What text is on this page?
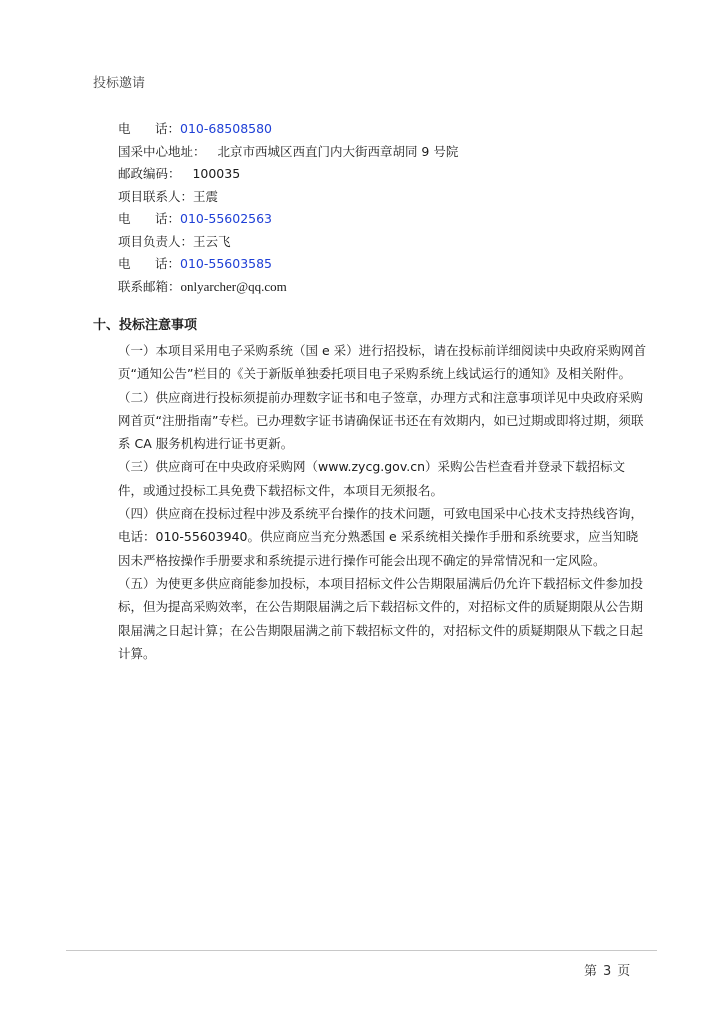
投标邀请
电 话：010-68508580
国采中心地址： 北京市西城区西直门内大街西章胡同 9 号院
邮政编码： 100035
项目联系人：王震
电 话：010-55602563
项目负责人：王云飞
电 话：010-55603585
联系邮箱：onlyarcher@qq.com
十、投标注意事项

（一）本项目采用电子采购系统（国 e 采）进行招投标，请在投标前详细阅读中央政府采购网首页“通知公告”栏目的《关于新版单独委托项目电子采购系统上线试运行的通知》及相关附件。

（二）供应商进行投标须提前办理数字证书和电子签章，办理方式和注意事项详见中央政府采购网首页“注册指南”专栏。已办理数字证书请确保证书还在有效期内，如已过期或即将过期，须联系 CA 服务机构进行证书更新。

（三）供应商可在中央政府采购网（www.zycg.gov.cn）采购公告栏查看并登录下载招标文件，或通过投标工具免费下载招标文件，本项目无须报名。

（四）供应商在投标过程中涉及系统平台操作的技术问题，可致电国采中心技术支持热线咨询，电话：010-55603940。供应商应当充分熟悉国 e 采系统相关操作手册和系统要求，应当知晓因未严格按操作手册要求和系统提示进行操作可能会出现不确定的异常情况和一定风险。

（五）为使更多供应商能参加投标，本项目招标文件公告期限届满后仍允许下载招标文件参加投标，但为提高采购效率，在公告期限届满之后下载招标文件的，对招标文件的质疑期限从公告期限届满之日起计算；在公告期限届满之前下载招标文件的，对招标文件的质疑期限从下载之日起计算。

第 3 页
